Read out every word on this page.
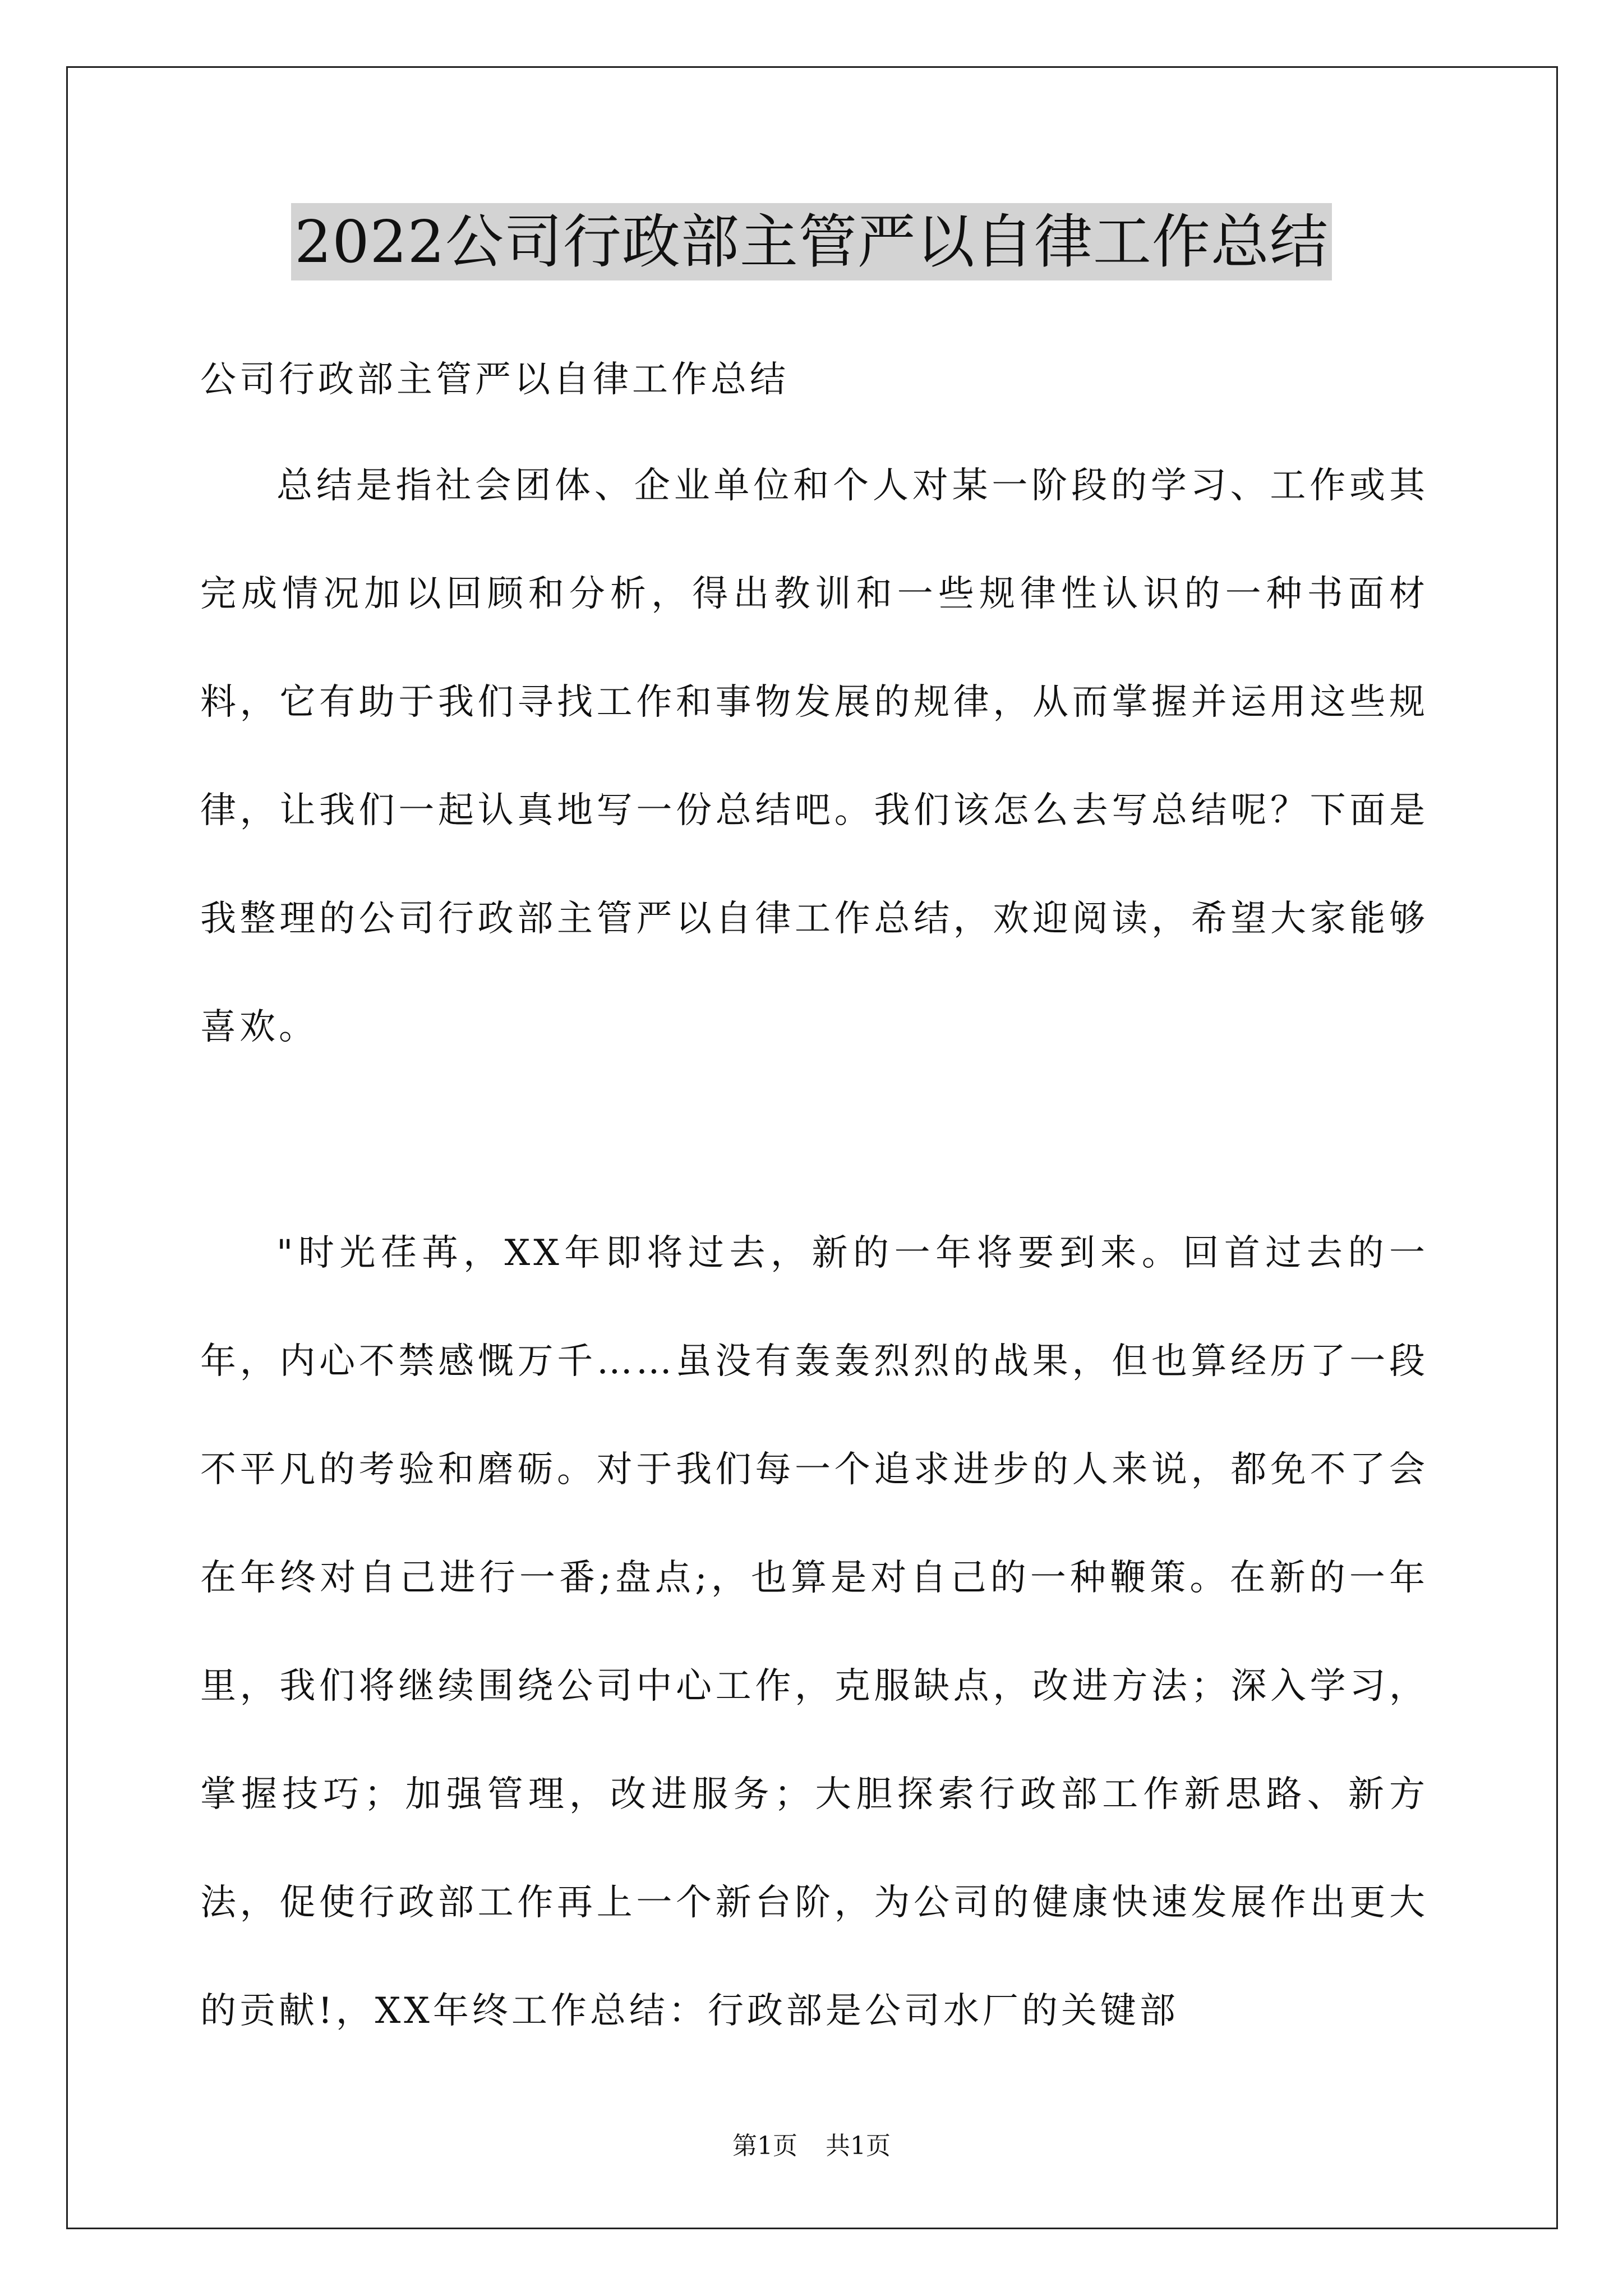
2022公司行政部主管严以自律工作总结
公司行政部主管严以自律工作总结

总结是指社会团体、企业单位和个人对某一阶段的学习、工作或其完成情况加以回顾和分析，得出教训和一些规律性认识的一种书面材料，它有助于我们寻找工作和事物发展的规律，从而掌握并运用这些规律，让我们一起认真地写一份总结吧。我们该怎么去写总结呢？下面是我整理的公司行政部主管严以自律工作总结，欢迎阅读，希望大家能够喜欢。

"时光荏苒，XX年即将过去，新的一年将要到来。回首过去的一年，内心不禁感慨万千……虽没有轰轰烈烈的战果，但也算经历了一段不平凡的考验和磨砺。对于我们每一个追求进步的人来说，都免不了会在年终对自己进行一番;盘点;，也算是对自己的一种鞭策。在新的一年里，我们将继续围绕公司中心工作，克服缺点，改进方法；深入学习，掌握技巧；加强管理，改进服务；大胆探索行政部工作新思路、新方法，促使行政部工作再上一个新台阶，为公司的健康快速发展作出更大的贡献!，XX年终工作总结：行政部是公司水厂的关键部

第1页 共1页
